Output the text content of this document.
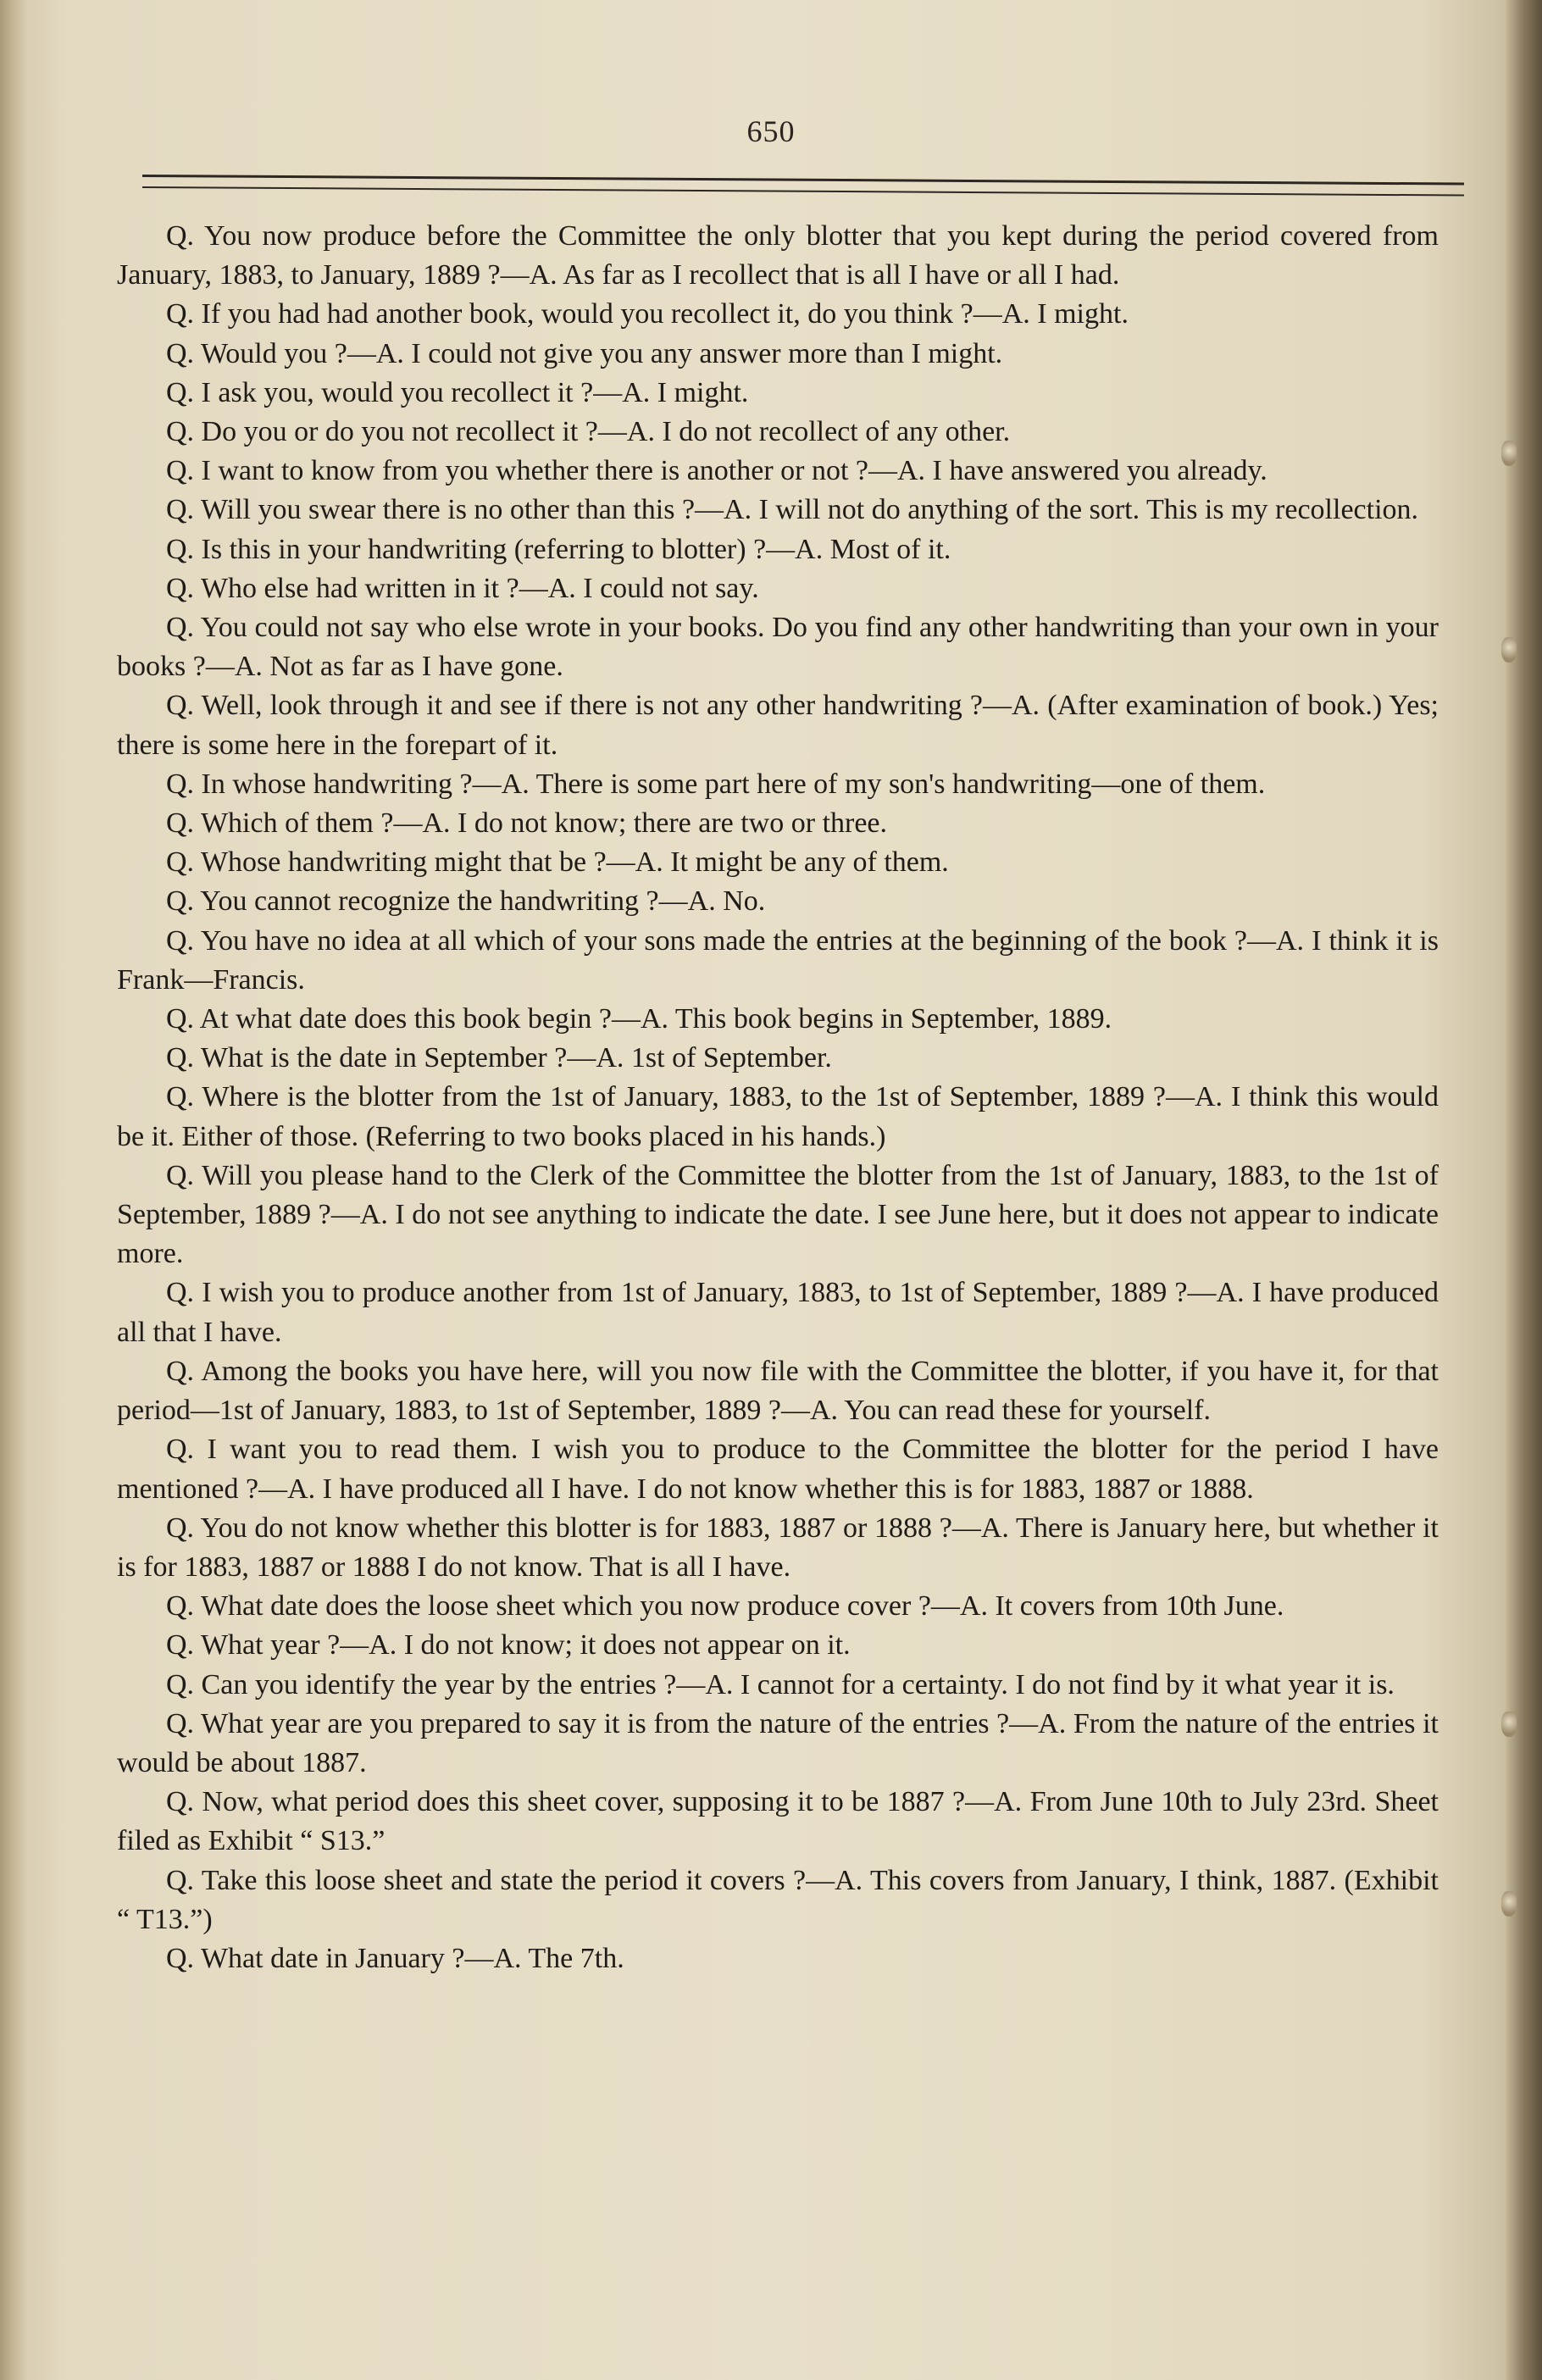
650

Q. You now produce before the Committee the only blotter that you kept during the period covered from January, 1883, to January, 1889 ?—A. As far as I recollect that is all I have or all I had.

Q. If you had had another book, would you recollect it, do you think ?—A. I might.

Q. Would you ?—A. I could not give you any answer more than I might.

Q. I ask you, would you recollect it ?—A. I might.

Q. Do you or do you not recollect it ?—A. I do not recollect of any other.

Q. I want to know from you whether there is another or not ?—A. I have answered you already.

Q. Will you swear there is no other than this ?—A. I will not do anything of the sort. This is my recollection.

Q. Is this in your handwriting (referring to blotter) ?—A. Most of it.

Q. Who else had written in it ?—A. I could not say.

Q. You could not say who else wrote in your books. Do you find any other handwriting than your own in your books ?—A. Not as far as I have gone.

Q. Well, look through it and see if there is not any other handwriting ?—A. (After examination of book.) Yes; there is some here in the forepart of it.

Q. In whose handwriting ?—A. There is some part here of my son's handwriting—one of them.

Q. Which of them ?—A. I do not know; there are two or three.

Q. Whose handwriting might that be ?—A. It might be any of them.

Q. You cannot recognize the handwriting ?—A. No.

Q. You have no idea at all which of your sons made the entries at the beginning of the book ?—A. I think it is Frank—Francis.

Q. At what date does this book begin ?—A. This book begins in September, 1889.

Q. What is the date in September ?—A. 1st of September.

Q. Where is the blotter from the 1st of January, 1883, to the 1st of September, 1889 ?—A. I think this would be it. Either of those. (Referring to two books placed in his hands.)

Q. Will you please hand to the Clerk of the Committee the blotter from the 1st of January, 1883, to the 1st of September, 1889 ?—A. I do not see anything to indicate the date. I see June here, but it does not appear to indicate more.

Q. I wish you to produce another from 1st of January, 1883, to 1st of September, 1889 ?—A. I have produced all that I have.

Q. Among the books you have here, will you now file with the Committee the blotter, if you have it, for that period—1st of January, 1883, to 1st of September, 1889 ?—A. You can read these for yourself.

Q. I want you to read them. I wish you to produce to the Committee the blotter for the period I have mentioned ?—A. I have produced all I have. I do not know whether this is for 1883, 1887 or 1888.

Q. You do not know whether this blotter is for 1883, 1887 or 1888 ?—A. There is January here, but whether it is for 1883, 1887 or 1888 I do not know. That is all I have.

Q. What date does the loose sheet which you now produce cover ?—A. It covers from 10th June.

Q. What year ?—A. I do not know; it does not appear on it.

Q. Can you identify the year by the entries ?—A. I cannot for a certainty. I do not find by it what year it is.

Q. What year are you prepared to say it is from the nature of the entries ?—A. From the nature of the entries it would be about 1887.

Q. Now, what period does this sheet cover, supposing it to be 1887 ?—A. From June 10th to July 23rd. Sheet filed as Exhibit “ S13.”

Q. Take this loose sheet and state the period it covers ?—A. This covers from January, I think, 1887. (Exhibit “ T13.”)

Q. What date in January ?—A. The 7th.
